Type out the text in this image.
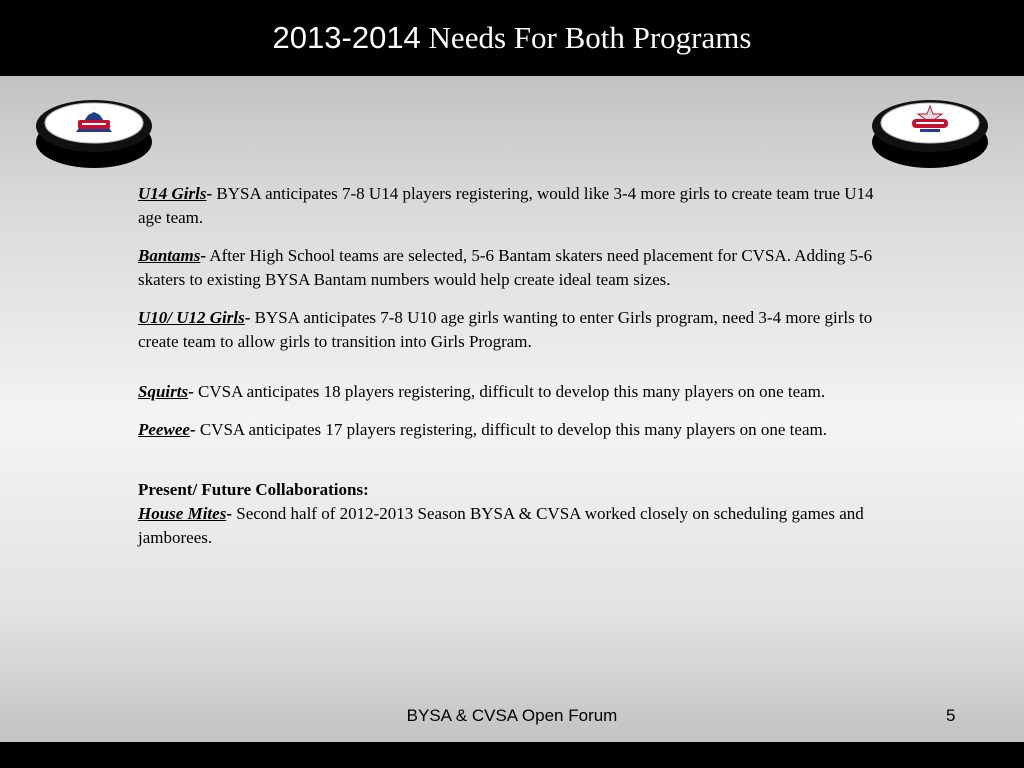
2013-2014 Needs For Both Programs

U14 Girls- BYSA anticipates 7-8 U14 players registering, would like 3-4 more girls to create team true U14 age team.

Bantams- After High School teams are selected, 5-6 Bantam skaters need placement for CVSA. Adding 5-6 skaters to existing BYSA Bantam numbers would help create ideal team sizes.

U10/ U12 Girls- BYSA anticipates 7-8 U10 age girls wanting to enter Girls program, need 3-4 more girls to create team to allow girls to transition into Girls Program.

Squirts- CVSA anticipates 18 players registering, difficult to develop this many players on one team.

Peewee- CVSA anticipates 17 players registering, difficult to develop this many players on one team.

Present/ Future Collaborations:

House Mites- Second half of 2012-2013 Season BYSA & CVSA worked closely on scheduling games and jamborees.

BYSA & CVSA Open Forum	5
